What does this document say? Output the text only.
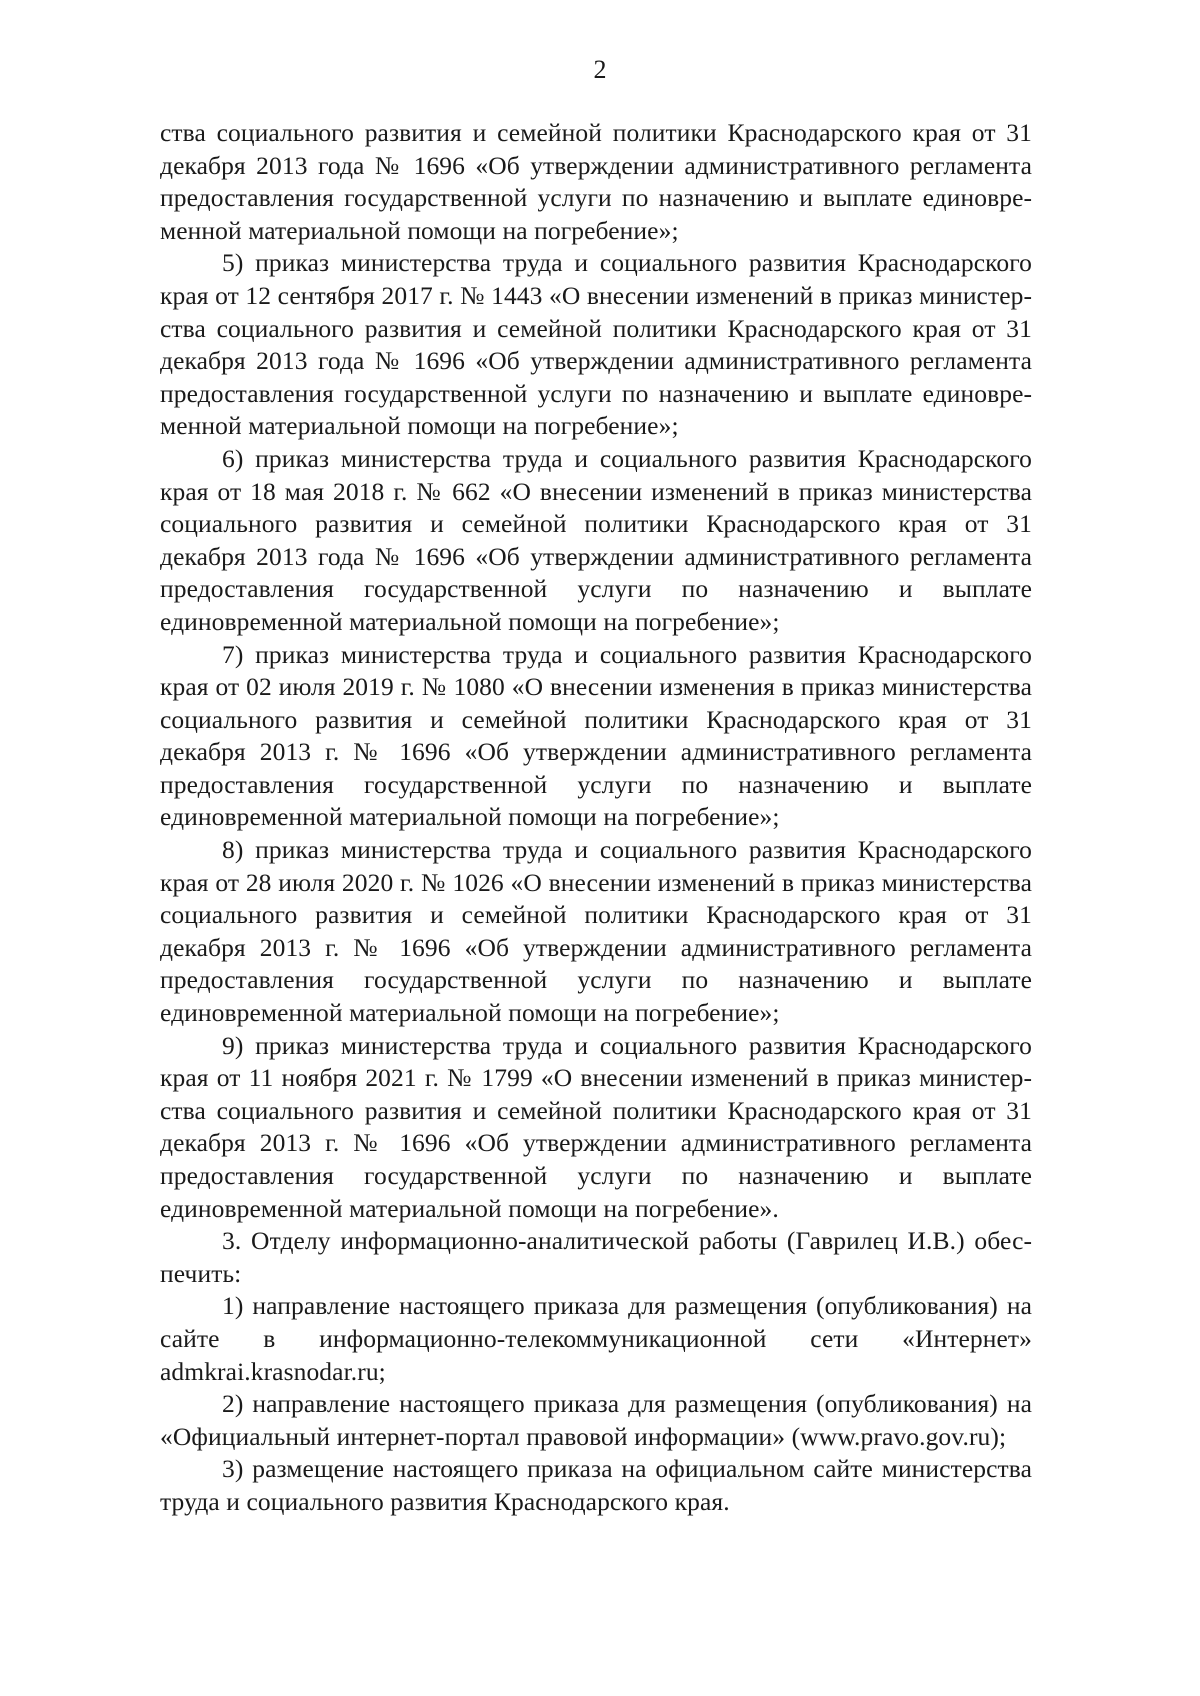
2

ства социального развития и семейной политики Краснодарского края от 31 декабря 2013 года № 1696 «Об утверждении административного регламента предоставления государственной услуги по назначению и выплате единовременной материальной помощи на погребение»;

5) приказ министерства труда и социального развития Краснодарского края от 12 сентября 2017 г. № 1443 «О внесении изменений в приказ министерства социального развития и семейной политики Краснодарского края от 31 декабря 2013 года № 1696 «Об утверждении административного регламента предоставления государственной услуги по назначению и выплате единовременной материальной помощи на погребение»;

6) приказ министерства труда и социального развития Краснодарского края от 18 мая 2018 г. № 662 «О внесении изменений в приказ министерства социального развития и семейной политики Краснодарского края от 31 декабря 2013 года № 1696 «Об утверждении административного регламента предоставления государственной услуги по назначению и выплате единовременной материальной помощи на погребение»;

7) приказ министерства труда и социального развития Краснодарского края от 02 июля 2019 г. № 1080 «О внесении изменения в приказ министерства социального развития и семейной политики Краснодарского края от 31 декабря 2013 г. № 1696 «Об утверждении административного регламента предоставления государственной услуги по назначению и выплате единовременной материальной помощи на погребение»;

8) приказ министерства труда и социального развития Краснодарского края от 28 июля 2020 г. № 1026 «О внесении изменений в приказ министерства социального развития и семейной политики Краснодарского края от 31 декабря 2013 г. № 1696 «Об утверждении административного регламента предоставления государственной услуги по назначению и выплате единовременной материальной помощи на погребение»;

9) приказ министерства труда и социального развития Краснодарского края от 11 ноября 2021 г. № 1799 «О внесении изменений в приказ министерства социального развития и семейной политики Краснодарского края от 31 декабря 2013 г. № 1696 «Об утверждении административного регламента предоставления государственной услуги по назначению и выплате единовременной материальной помощи на погребение».

3. Отделу информационно-аналитической работы (Гаврилец И.В.) обеспечить:

1) направление настоящего приказа для размещения (опубликования) на сайте в информационно-телекоммуникационной сети «Интернет» admkrai.krasnodar.ru;

2) направление настоящего приказа для размещения (опубликования) на «Официальный интернет-портал правовой информации» (www.pravo.gov.ru);

3) размещение настоящего приказа на официальном сайте министерства труда и социального развития Краснодарского края.
